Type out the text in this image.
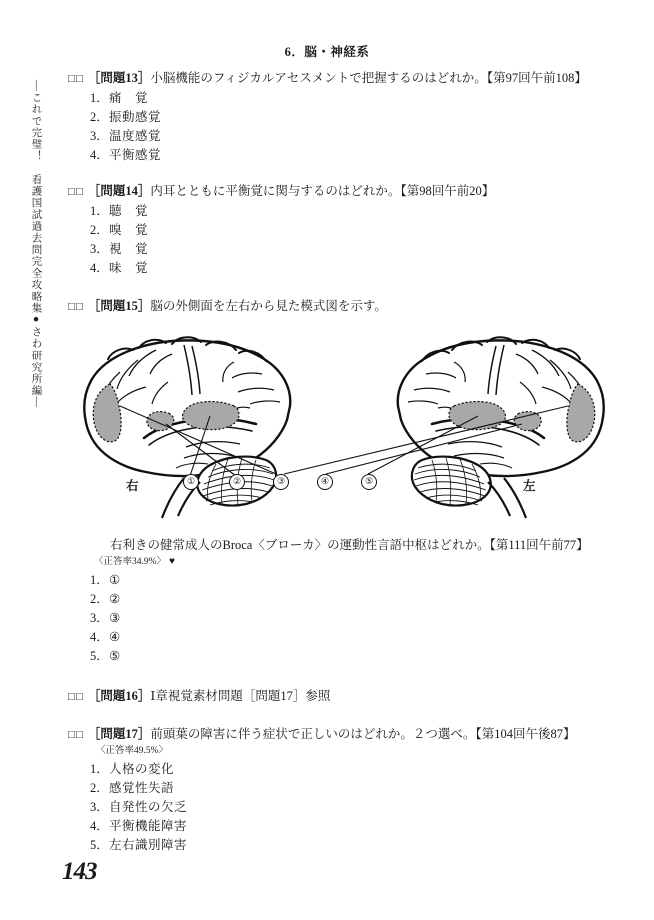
6．脳・神経系
―これで完璧！　看護国試過去問完全攻略集●さわ研究所編―
□□ ［問題13］小脳機能のフィジカルアセスメントで把握するのはどれか。【第97回午前108】
1．痛　覚
2．振動感覚
3．温度感覚
4．平衡感覚
□□ ［問題14］内耳とともに平衡覚に関与するのはどれか。【第98回午前20】
1．聴　覚
2．嗅　覚
3．視　覚
4．味　覚
□□ ［問題15］脳の外側面を左右から見た模式図を示す。
右	左
①	②	③	④	⑤
右利きの健常成人のBroca〈ブローカ〉の運動性言語中枢はどれか。【第111回午前77】
〈正答率34.9%〉 ♥
1．①
2．②
3．③
4．④
5．⑤
□□ ［問題16］Ⅰ章視覚素材問題［問題17］参照
□□ ［問題17］前頭葉の障害に伴う症状で正しいのはどれか。２つ選べ。【第104回午後87】
〈正答率49.5%〉
1．人格の変化
2．感覚性失語
3．自発性の欠乏
4．平衡機能障害
5．左右識別障害
143
